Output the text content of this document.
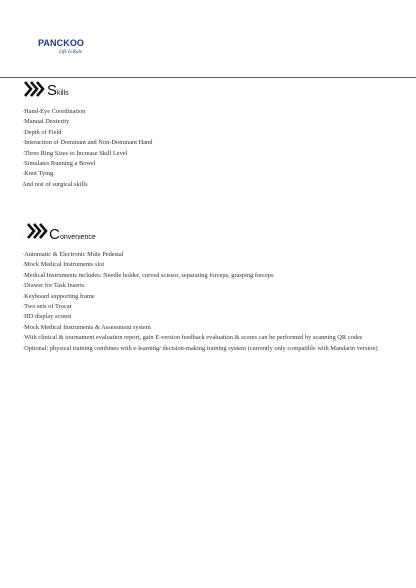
PANCKOO
Life Is Rule
S kills
·Hand-Eye Coordination
·Manual Dexterity
·Depth of Field
·Interaction of Dominant and Non-Dominant Hand
·Three Ring Sizes to Increase Skill Level
·Simulates Running a Bowel
·Knot Tying
And rest of surgical skills
· C onvenience
·Automatic & Electronic Mute Pedestal
·Mock Medical Instruments slot
·Medical Instruments includes: Needle holder, curved scissor, separating forceps, grasping forceps
·Drawer for Task Inserts
·Keyboard supporting frame
·Two sets of Trocar
·HD display screen
·Mock Medical Instruments & Assessment system
·With clinical & tournament evaluation report, gain E-version feedback evaluation & scores can be performed by scanning QR codes
·Optional: physical training combines with e-learning/ decision-making training system (currently only compatible with Mandarin version)
